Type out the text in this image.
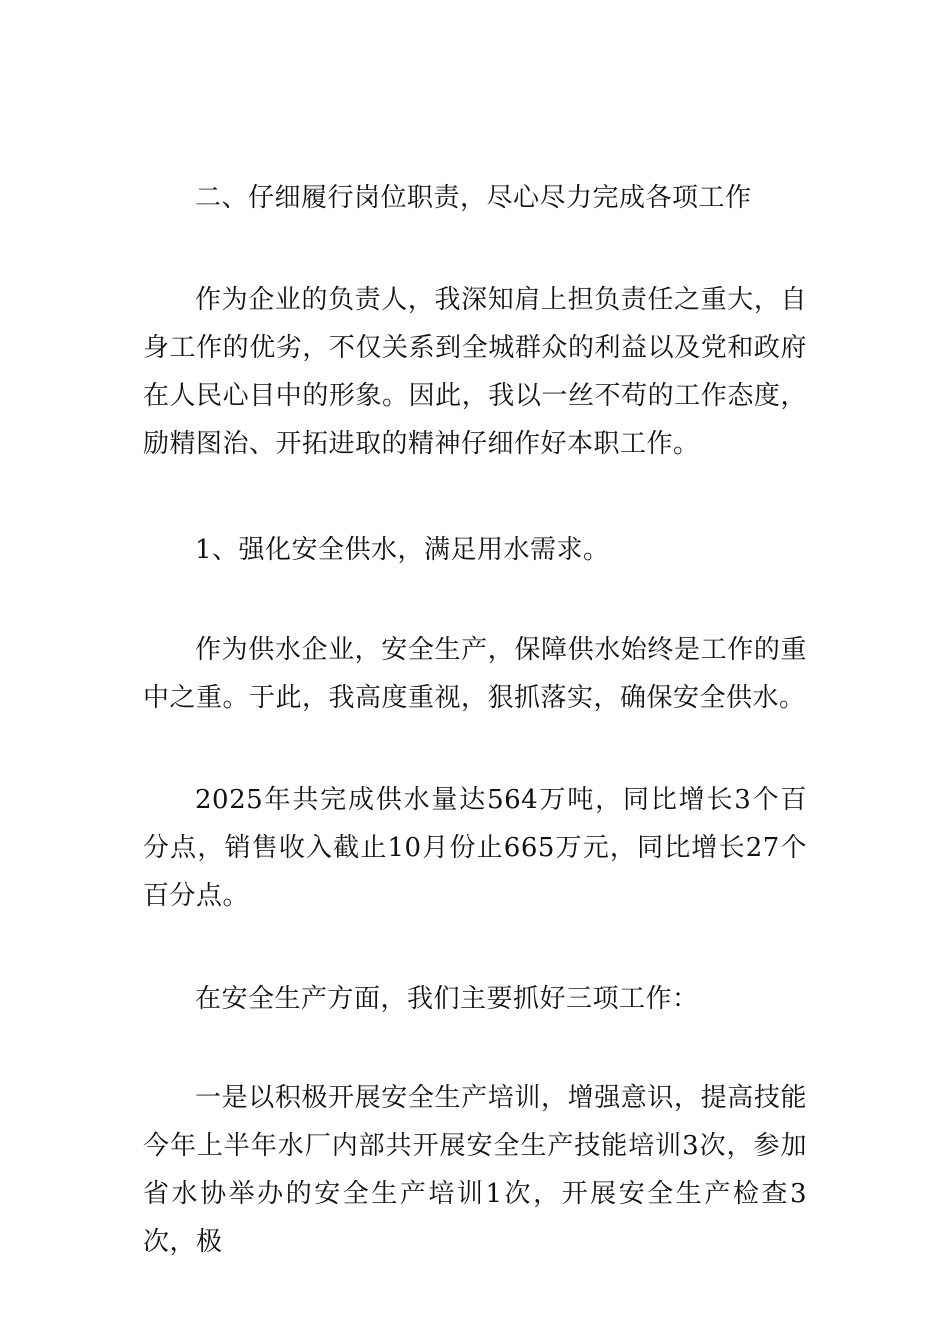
二、仔细履行岗位职责，尽心尽力完成各项工作

作为企业的负责人，我深知肩上担负责任之重大，自身工作的优劣，不仅关系到全城群众的利益以及党和政府在人民心目中的形象。因此，我以一丝不苟的工作态度，励精图治、开拓进取的精神仔细作好本职工作。

1、强化安全供水，满足用水需求。

作为供水企业，安全生产，保障供水始终是工作的重中之重。于此，我高度重视，狠抓落实，确保安全供水。

2025年共完成供水量达564万吨，同比增长3个百分点，销售收入截止10月份止665万元，同比增长27个百分点。

在安全生产方面，我们主要抓好三项工作：

一是以积极开展安全生产培训，增强意识，提高技能今年上半年水厂内部共开展安全生产技能培训3次，参加省水协举办的安全生产培训1次，开展安全生产检查3次，极
